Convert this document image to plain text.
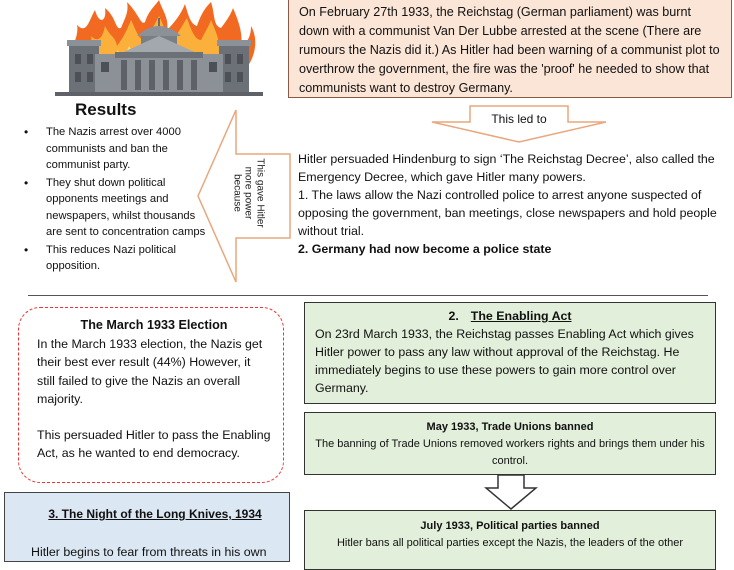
On February 27th 1933, the Reichstag (German parliament) was burnt down with a communist Van Der Lubbe arrested at the scene (There are rumours the Nazis did it.) As Hitler had been warning of a communist plot to overthrow the government, the fire was the 'proof' he needed to show that communists want to destroy Germany.
Results
• The Nazis arrest over 4000 communists and ban the communist party.
• They shut down political opponents meetings and newspapers, whilst thousands are sent to concentration camps
• This reduces Nazi political opposition.
This gave Hitler more power because
This led to

Hitler persuaded Hindenburg to sign ‘The Reichstag Decree’, also called the Emergency Decree, which gave Hitler many powers.

1. The laws allow the Nazi controlled police to arrest anyone suspected of opposing the government, ban meetings, close newspapers and hold people without trial.

2. Germany had now become a police state

The March 1933 Election

In the March 1933 election, the Nazis get their best ever result (44%) However, it still failed to give the Nazis an overall majority.

This persuaded Hitler to pass the Enabling Act, as he wanted to end democracy.

3. The Night of the Long Knives, 1934
Hitler begins to fear from threats in his own
2. The Enabling Act
On 23rd March 1933, the Reichstag passes Enabling Act which gives Hitler power to pass any law without approval of the Reichstag. He immediately begins to use these powers to gain more control over Germany.
May 1933, Trade Unions banned
The banning of Trade Unions removed workers rights and brings them under his control.
July 1933, Political parties banned
Hitler bans all political parties except the Nazis, the leaders of the other
